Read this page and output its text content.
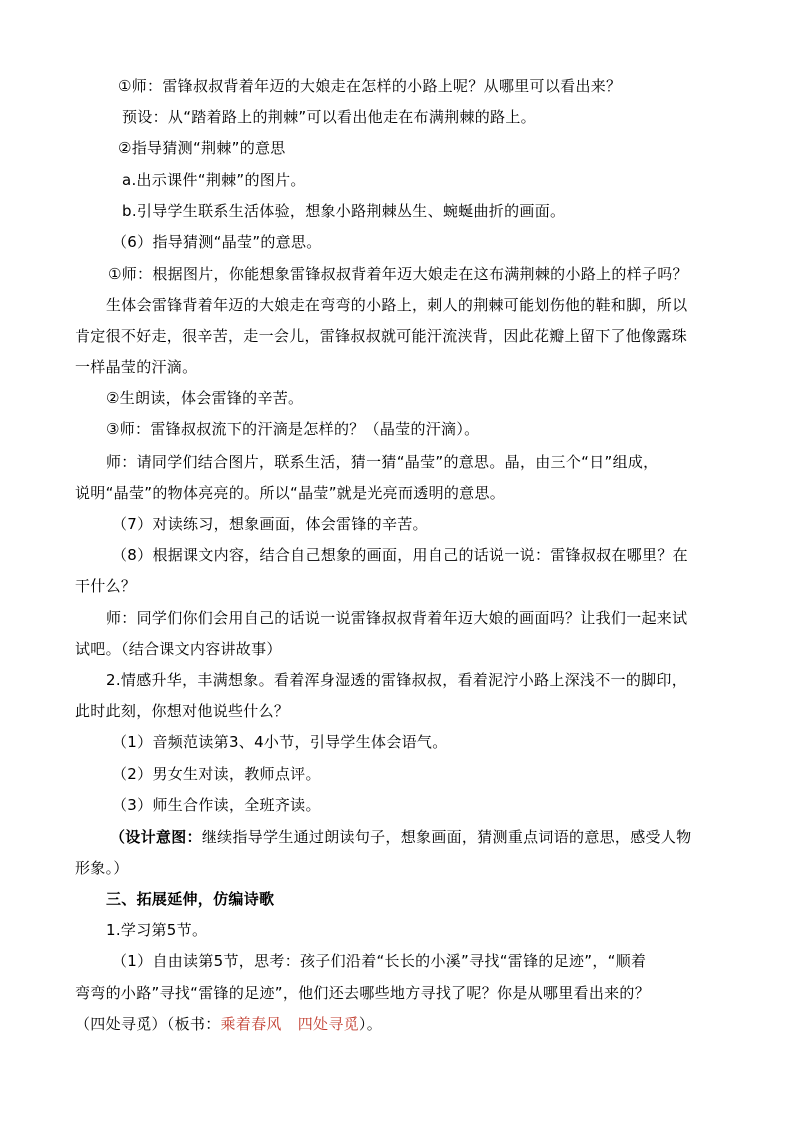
①师：雷锋叔叔背着年迈的大娘走在怎样的小路上呢？从哪里可以看出来？
预设：从“踏着路上的荆棘”可以看出他走在布满荆棘的路上。
②指导猜测“荆棘”的意思
a.出示课件“荆棘”的图片。
b.引导学生联系生活体验，想象小路荆棘丛生、蜿蜒曲折的画面。
（6）指导猜测“晶莹”的意思。
①师：根据图片，你能想象雷锋叔叔背着年迈大娘走在这布满荆棘的小路上的样子吗？
生体会雷锋背着年迈的大娘走在弯弯的小路上，刺人的荆棘可能划伤他的鞋和脚，所以
肯定很不好走，很辛苦，走一会儿，雷锋叔叔就可能汗流浃背，因此花瓣上留下了他像露珠
一样晶莹的汗滴。
②生朗读，体会雷锋的辛苦。
③师：雷锋叔叔流下的汗滴是怎样的？（晶莹的汗滴）。
师：请同学们结合图片，联系生活，猜一猜“晶莹”的意思。晶，由三个“日”组成，
说明“晶莹”的物体亮亮的。所以“晶莹”就是光亮而透明的意思。
（7）对读练习，想象画面，体会雷锋的辛苦。
（8）根据课文内容，结合自己想象的画面，用自己的话说一说：雷锋叔叔在哪里？在
干什么？
师：同学们你们会用自己的话说一说雷锋叔叔背着年迈大娘的画面吗？让我们一起来试
试吧。（结合课文内容讲故事）
2.情感升华，丰满想象。看着浑身湿透的雷锋叔叔，看着泥泞小路上深浅不一的脚印，
此时此刻，你想对他说些什么？
（1）音频范读第3、4小节，引导学生体会语气。
（2）男女生对读，教师点评。
（3）师生合作读，全班齐读。
（设计意图：继续指导学生通过朗读句子，想象画面，猜测重点词语的意思，感受人物
形象。）
三、拓展延伸，仿编诗歌
1.学习第5节。
（1）自由读第5节，思考：孩子们沿着“长长的小溪”寻找“雷锋的足迹”，“顺着
弯弯的小路”寻找“雷锋的足迹”，他们还去哪些地方寻找了呢？你是从哪里看出来的？
（四处寻觅）（板书：乘着春风 四处寻觅）。
